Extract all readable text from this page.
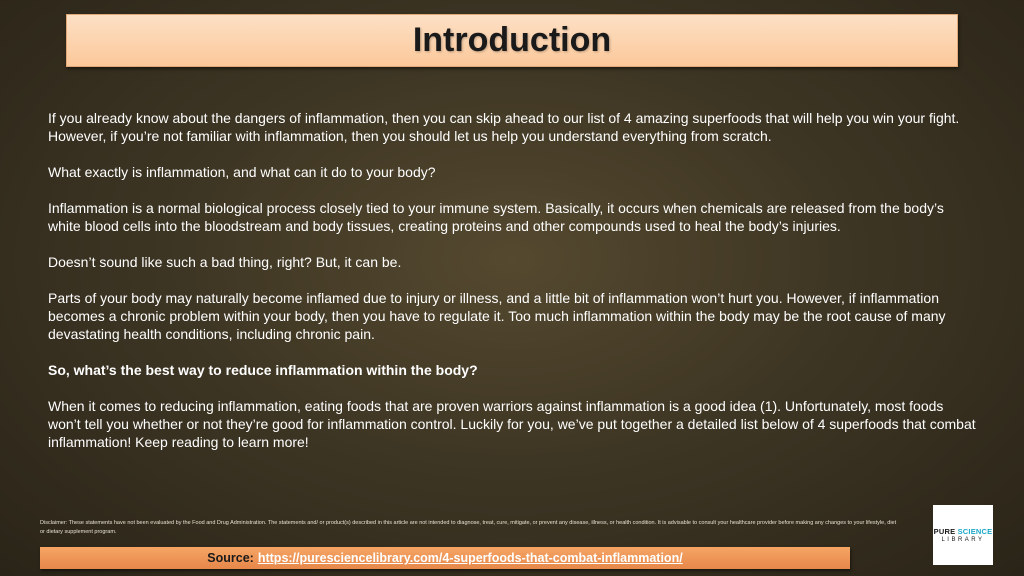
Introduction

If you already know about the dangers of inflammation, then you can skip ahead to our list of 4 amazing superfoods that will help you win your fight. However, if you’re not familiar with inflammation, then you should let us help you understand everything from scratch.

What exactly is inflammation, and what can it do to your body?

Inflammation is a normal biological process closely tied to your immune system. Basically, it occurs when chemicals are released from the body’s white blood cells into the bloodstream and body tissues, creating proteins and other compounds used to heal the body’s injuries.

Doesn’t sound like such a bad thing, right? But, it can be.

Parts of your body may naturally become inflamed due to injury or illness, and a little bit of inflammation won’t hurt you. However, if inflammation becomes a chronic problem within your body, then you have to regulate it. Too much inflammation within the body may be the root cause of many devastating health conditions, including chronic pain.

So, what’s the best way to reduce inflammation within the body?

When it comes to reducing inflammation, eating foods that are proven warriors against inflammation is a good idea (1). Unfortunately, most foods won’t tell you whether or not they’re good for inflammation control. Luckily for you, we’ve put together a detailed list below of 4 superfoods that combat inflammation! Keep reading to learn more!

Disclaimer: These statements have not been evaluated by the Food and Drug Administration. The statements and/ or product(s) described in this article are not intended to diagnose, treat, cure, mitigate, or prevent any disease, illness, or health condition. It is advisable to consult your healthcare provider before making any changes to your lifestyle, diet or dietary supplement program.
Source: https://puresciencelibrary.com/4-superfoods-that-combat-inflammation/
PURE SCIENCE
LIBRARY
